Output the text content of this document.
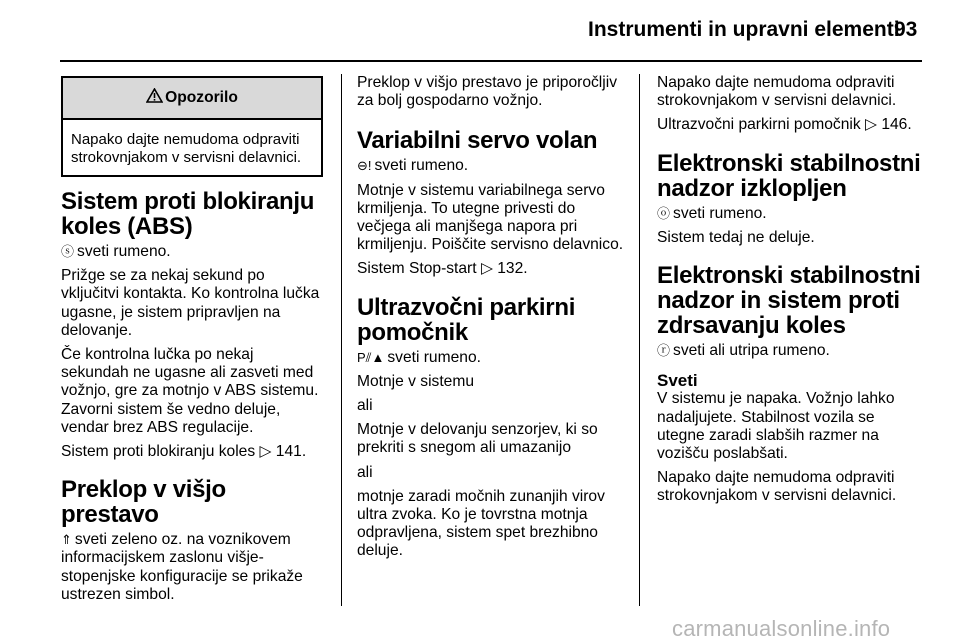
Instrumenti in upravni elementi
93
Opozorilo
Napako dajte nemudoma odpraviti strokovnjakom v servisni delavnici.
Sistem proti blokiranju koles (ABS)

ⓢ sveti rumeno.

Prižge se za nekaj sekund po vključitvi kontakta. Ko kontrolna lučka ugasne, je sistem pripravljen na delovanje.

Če kontrolna lučka po nekaj sekundah ne ugasne ali zasveti med vožnjo, gre za motnjo v ABS sistemu. Zavorni sistem še vedno deluje, vendar brez ABS regulacije.

Sistem proti blokiranju koles ▷ 141.

Preklop v višjo prestavo

⇑ sveti zeleno oz. na voznikovem informacijskem zaslonu višje-stopenjske konfiguracije se prikaže ustrezen simbol.

Preklop v višjo prestavo je priporočljiv za bolj gospodarno vožnjo.

Variabilni servo volan

⊖! sveti rumeno.

Motnje v sistemu variabilnega servo krmiljenja. To utegne privesti do večjega ali manjšega napora pri krmiljenju. Poiščite servisno delavnico.

Sistem Stop-start ▷ 132.

Ultrazvočni parkirni pomočnik

P⫽▲ sveti rumeno.

Motnje v sistemu

ali

Motnje v delovanju senzorjev, ki so prekriti s snegom ali umazanijo

ali

motnje zaradi močnih zunanjih virov ultra zvoka. Ko je tovrstna motnja odpravljena, sistem spet brezhibno deluje.

Napako dajte nemudoma odpraviti strokovnjakom v servisni delavnici.

Ultrazvočni parkirni pomočnik ▷ 146.

Elektronski stabilnostni nadzor izklopljen

ⓞ sveti rumeno.

Sistem tedaj ne deluje.

Elektronski stabilnostni nadzor in sistem proti zdrsavanju koles

ⓡ sveti ali utripa rumeno.

Sveti

V sistemu je napaka. Vožnjo lahko nadaljujete. Stabilnost vozila se utegne zaradi slabših razmer na vozišču poslabšati.

Napako dajte nemudoma odpraviti strokovnjakom v servisni delavnici.

carmanualsonline.info
